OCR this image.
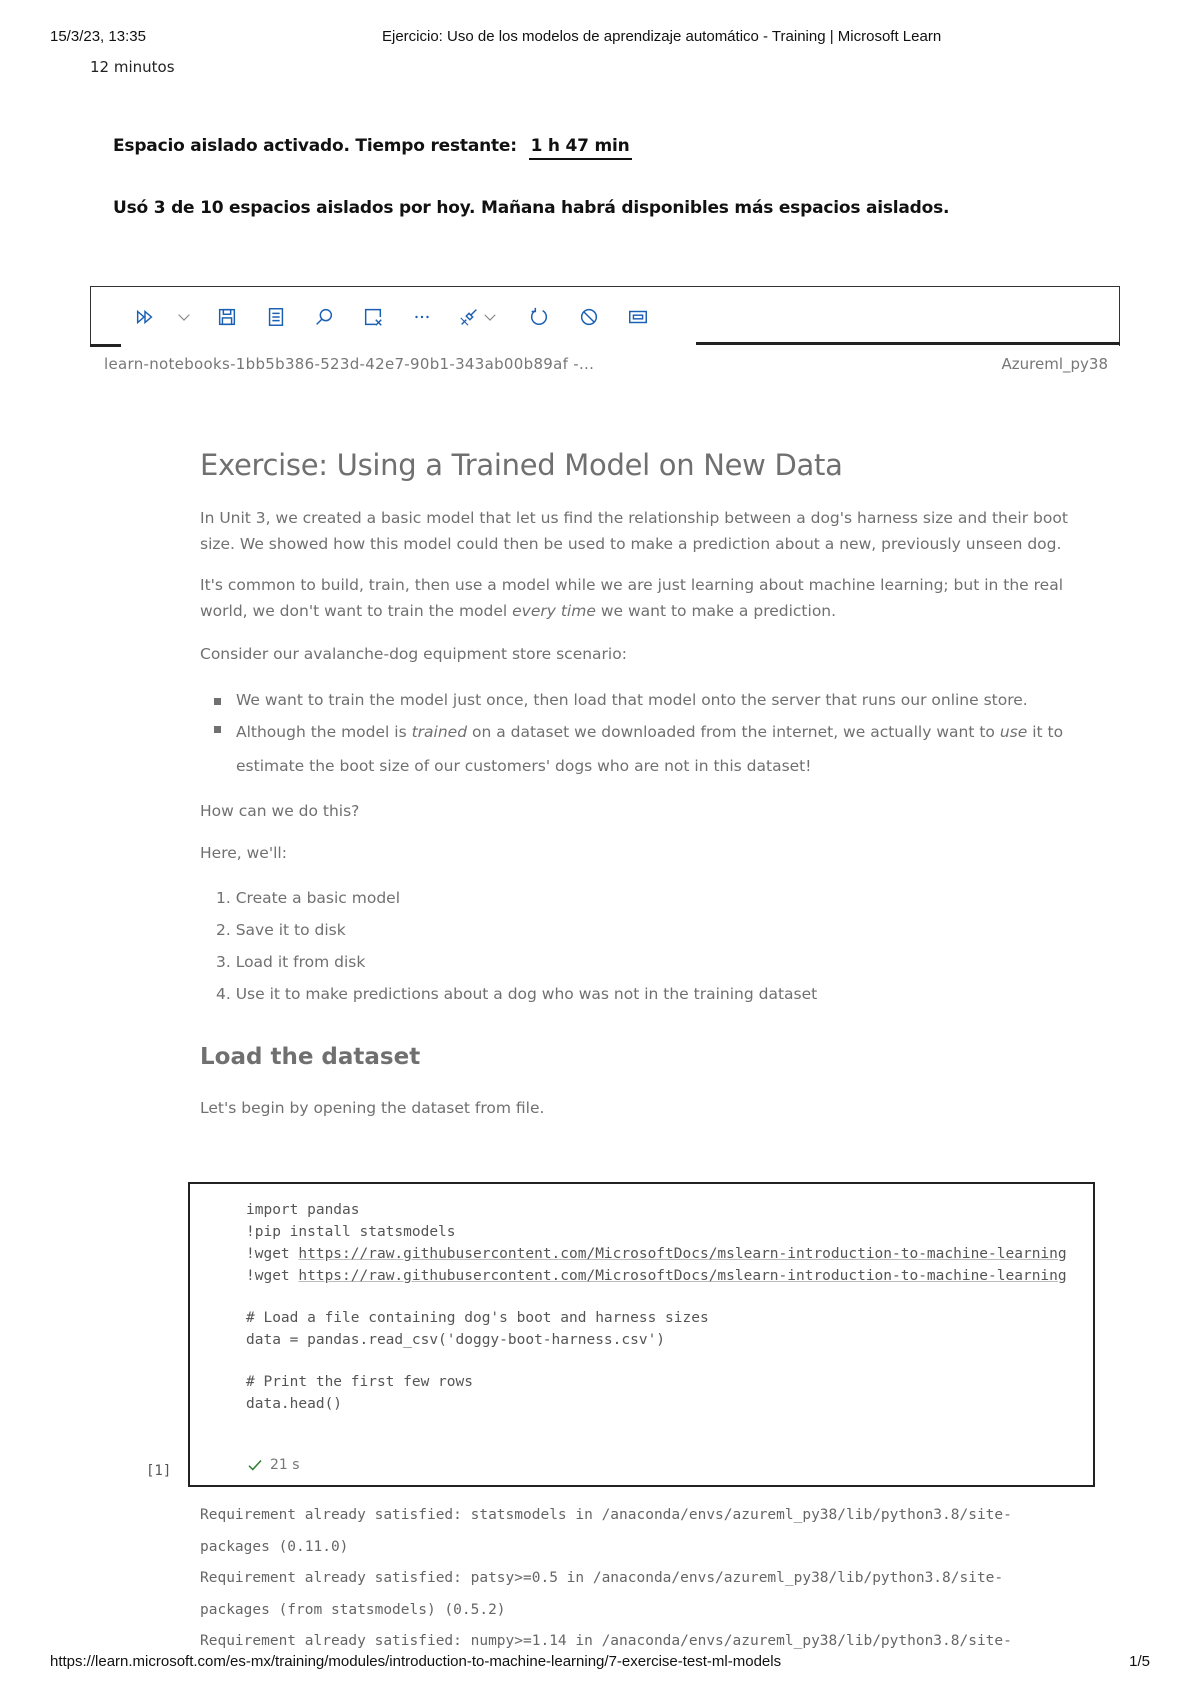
15/3/23, 13:35	Ejercicio: Uso de los modelos de aprendizaje automático - Training | Microsoft Learn
12 minutos
Espacio aislado activado. Tiempo restante: 1 h 47 min
Usó 3 de 10 espacios aislados por hoy. Mañana habrá disponibles más espacios aislados.
learn-notebooks-1bb5b386-523d-42e7-90b1-343ab00b89af -...	Azureml_py38
Exercise: Using a Trained Model on New Data

In Unit 3, we created a basic model that let us find the relationship between a dog's harness size and their boot size. We showed how this model could then be used to make a prediction about a new, previously unseen dog.

It's common to build, train, then use a model while we are just learning about machine learning; but in the real world, we don't want to train the model every time we want to make a prediction.

Consider our avalanche-dog equipment store scenario:

We want to train the model just once, then load that model onto the server that runs our online store.
Although the model is trained on a dataset we downloaded from the internet, we actually want to use it to estimate the boot size of our customers' dogs who are not in this dataset!

How can we do this?

Here, we'll:

1. Create a basic model
2. Save it to disk
3. Load it from disk
4. Use it to make predictions about a dog who was not in the training dataset
Load the dataset

Let's begin by opening the dataset from file.

import pandas
!pip install statsmodels
!wget https://raw.githubusercontent.com/MicrosoftDocs/mslearn-introduction-to-machine-learning
!wget https://raw.githubusercontent.com/MicrosoftDocs/mslearn-introduction-to-machine-learning
# Load a file containing dog's boot and harness sizes
data = pandas.read_csv('doggy-boot-harness.csv')
# Print the first few rows
data.head()
21 s
[1]
Requirement already satisfied: statsmodels in /anaconda/envs/azureml_py38/lib/python3.8/site-
packages (0.11.0)
Requirement already satisfied: patsy>=0.5 in /anaconda/envs/azureml_py38/lib/python3.8/site-
packages (from statsmodels) (0.5.2)
Requirement already satisfied: numpy>=1.14 in /anaconda/envs/azureml_py38/lib/python3.8/site-
https://learn.microsoft.com/es-mx/training/modules/introduction-to-machine-learning/7-exercise-test-ml-models	1/5
